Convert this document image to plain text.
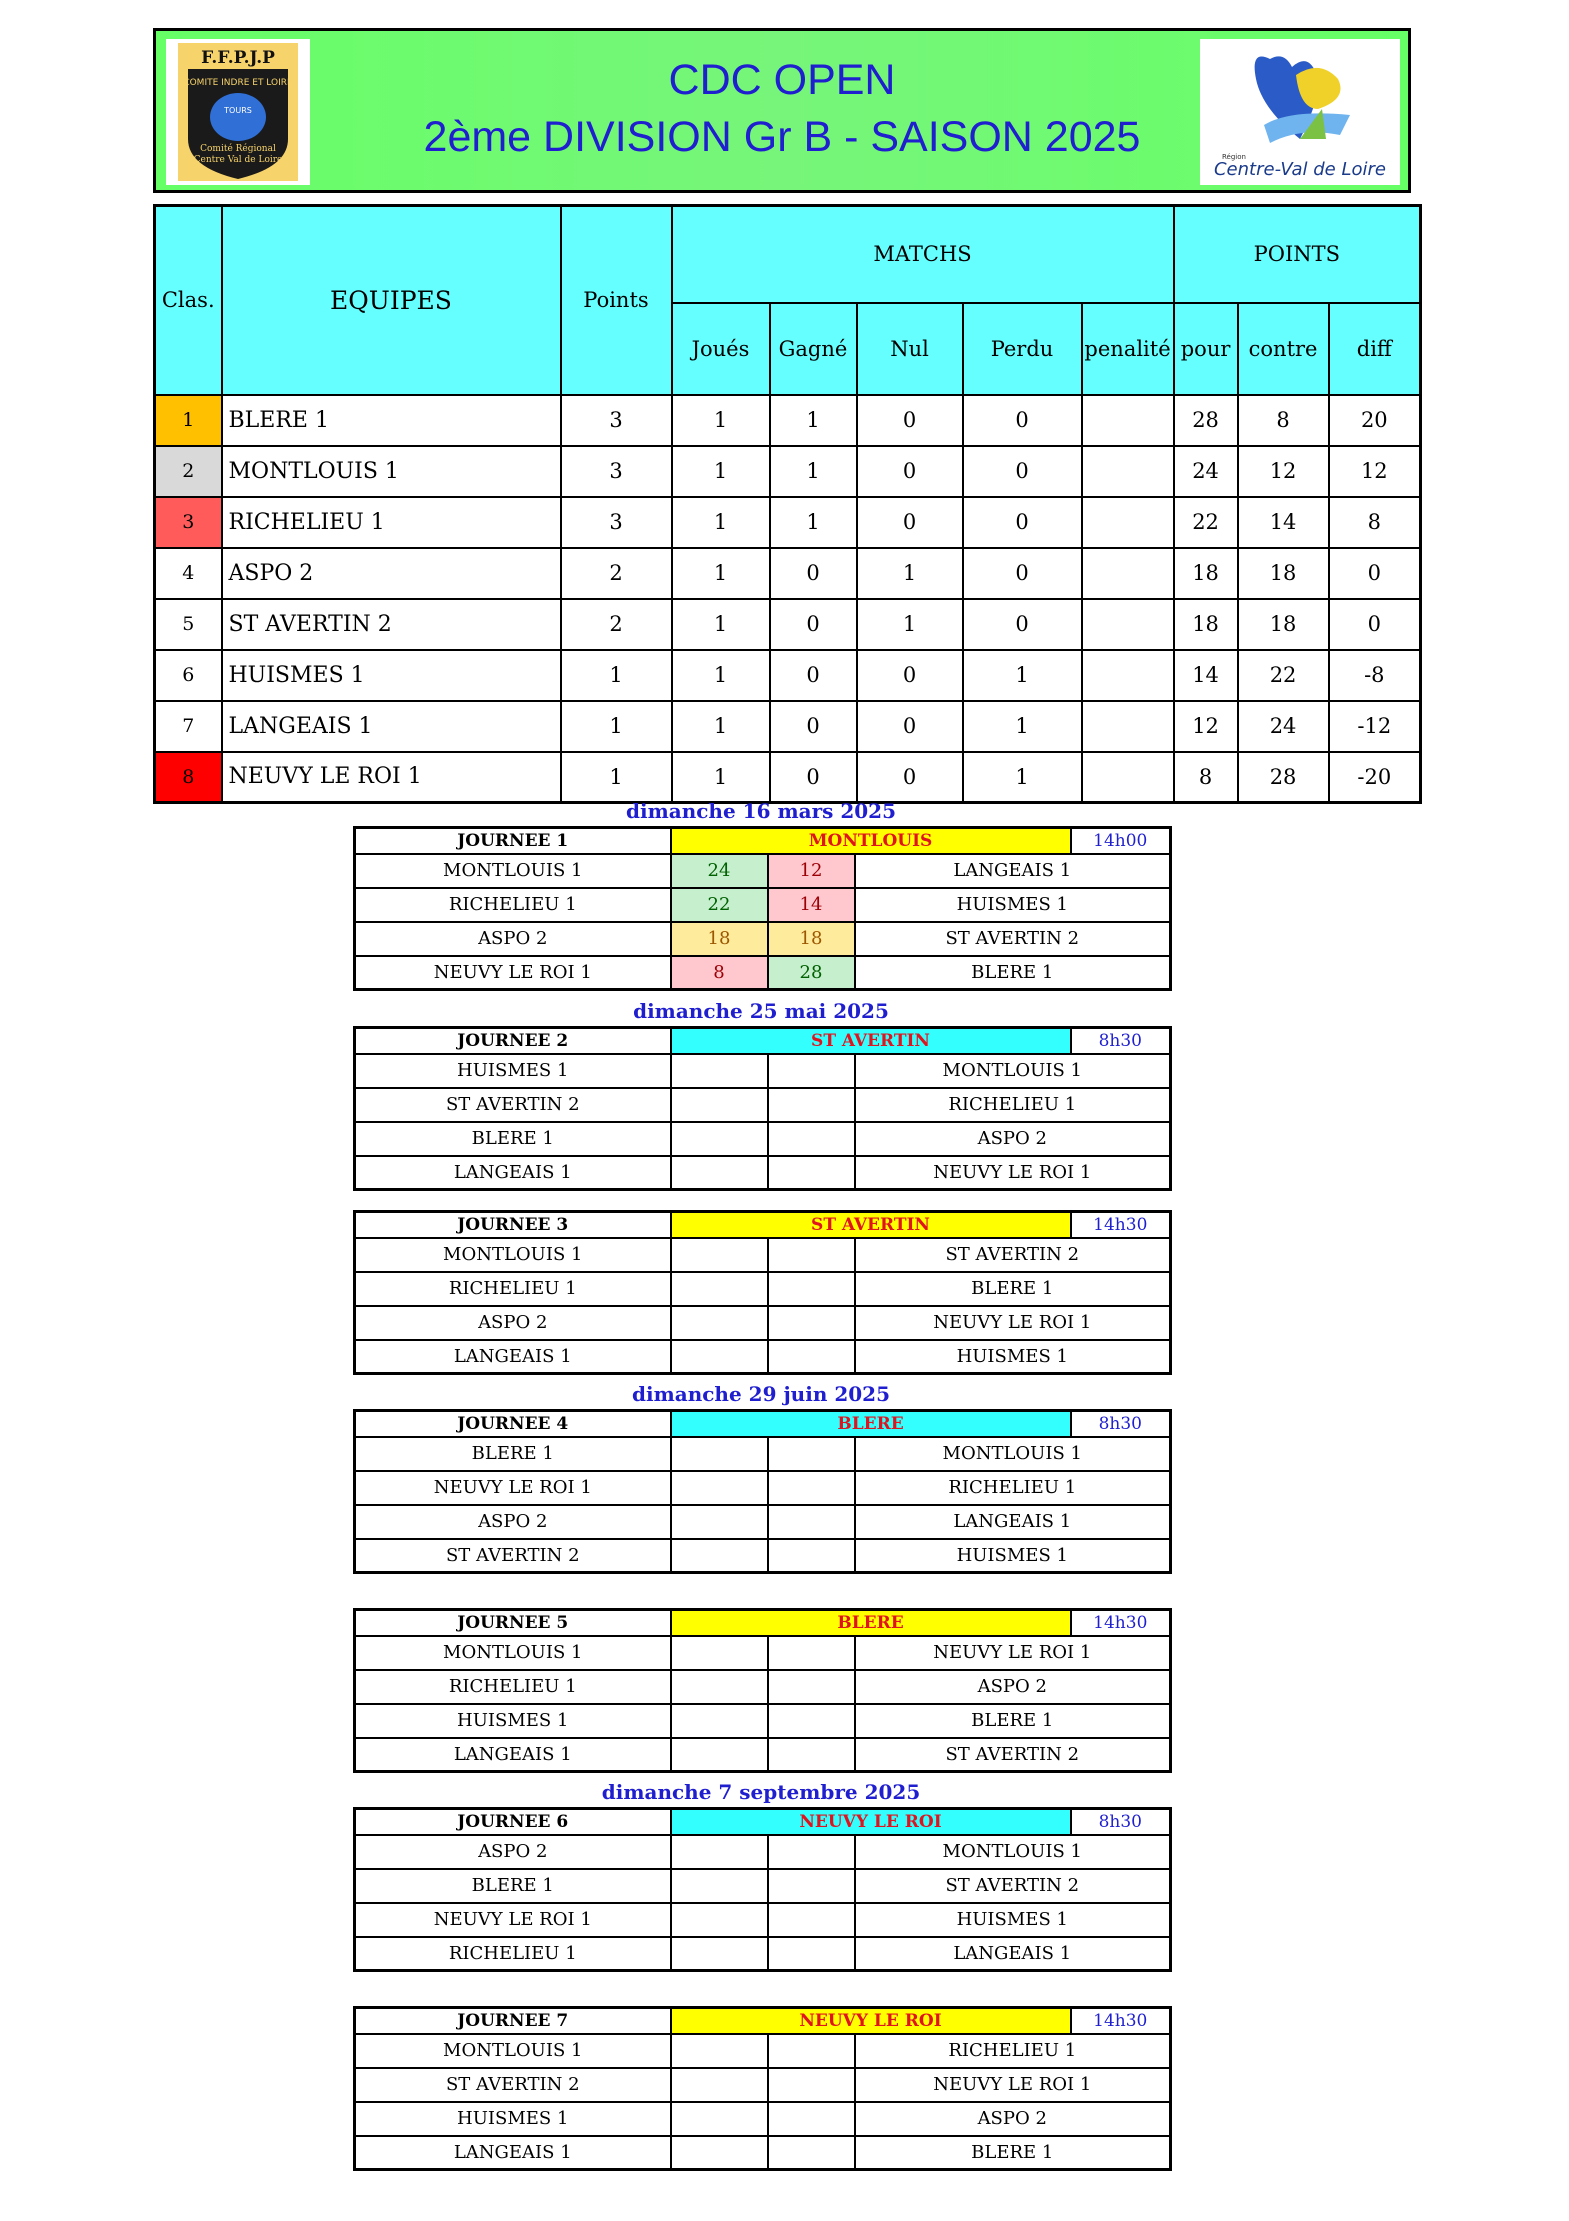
F.F.P.J.P
COMITE INDRE ET LOIRE
TOURS
Comité Régional
Centre Val de Loire
CDC OPEN
2ème DIVISION Gr B - SAISON 2025	Région
Centre-Val de Loire
Clas.	EQUIPES	Points	MATCHS					POINTS		
			Joués	Gagné	Nul	Perdu	penalité	pour	contre	diff
1	BLERE 1	3	1	1	0	0		28	8	20
2	MONTLOUIS 1	3	1	1	0	0		24	12	12
3	RICHELIEU 1	3	1	1	0	0		22	14	8
4	ASPO 2	2	1	0	1	0		18	18	0
5	ST AVERTIN 2	2	1	0	1	0		18	18	0
6	HUISMES 1	1	1	0	0	1		14	22	-8
7	LANGEAIS 1	1	1	0	0	1		12	24	-12
8	NEUVY LE ROI 1	1	1	0	0	1		8	28	-20
dimanche 16 mars 2025
JOURNEE 1	MONTLOUIS			14h00
MONTLOUIS 1	24	12	LANGEAIS 1	
RICHELIEU 1	22	14	HUISMES 1	
ASPO 2	18	18	ST AVERTIN 2	
NEUVY LE ROI 1	8	28	BLERE 1	
dimanche 25 mai 2025
JOURNEE 2	ST AVERTIN			8h30
HUISMES 1			MONTLOUIS 1	
ST AVERTIN 2			RICHELIEU 1	
BLERE 1			ASPO 2	
LANGEAIS 1			NEUVY LE ROI 1	
JOURNEE 3	ST AVERTIN			14h30
MONTLOUIS 1			ST AVERTIN 2	
RICHELIEU 1			BLERE 1	
ASPO 2			NEUVY LE ROI 1	
LANGEAIS 1			HUISMES 1	
dimanche 29 juin 2025
JOURNEE 4	BLERE			8h30
BLERE 1			MONTLOUIS 1	
NEUVY LE ROI 1			RICHELIEU 1	
ASPO 2			LANGEAIS 1	
ST AVERTIN 2			HUISMES 1	
JOURNEE 5	BLERE			14h30
MONTLOUIS 1			NEUVY LE ROI 1	
RICHELIEU 1			ASPO 2	
HUISMES 1			BLERE 1	
LANGEAIS 1			ST AVERTIN 2	
dimanche 7 septembre 2025
JOURNEE 6	NEUVY LE ROI			8h30
ASPO 2			MONTLOUIS 1	
BLERE 1			ST AVERTIN 2	
NEUVY LE ROI 1			HUISMES 1	
RICHELIEU 1			LANGEAIS 1	
JOURNEE 7	NEUVY LE ROI			14h30
MONTLOUIS 1			RICHELIEU 1	
ST AVERTIN 2			NEUVY LE ROI 1	
HUISMES 1			ASPO 2	
LANGEAIS 1			BLERE 1	
